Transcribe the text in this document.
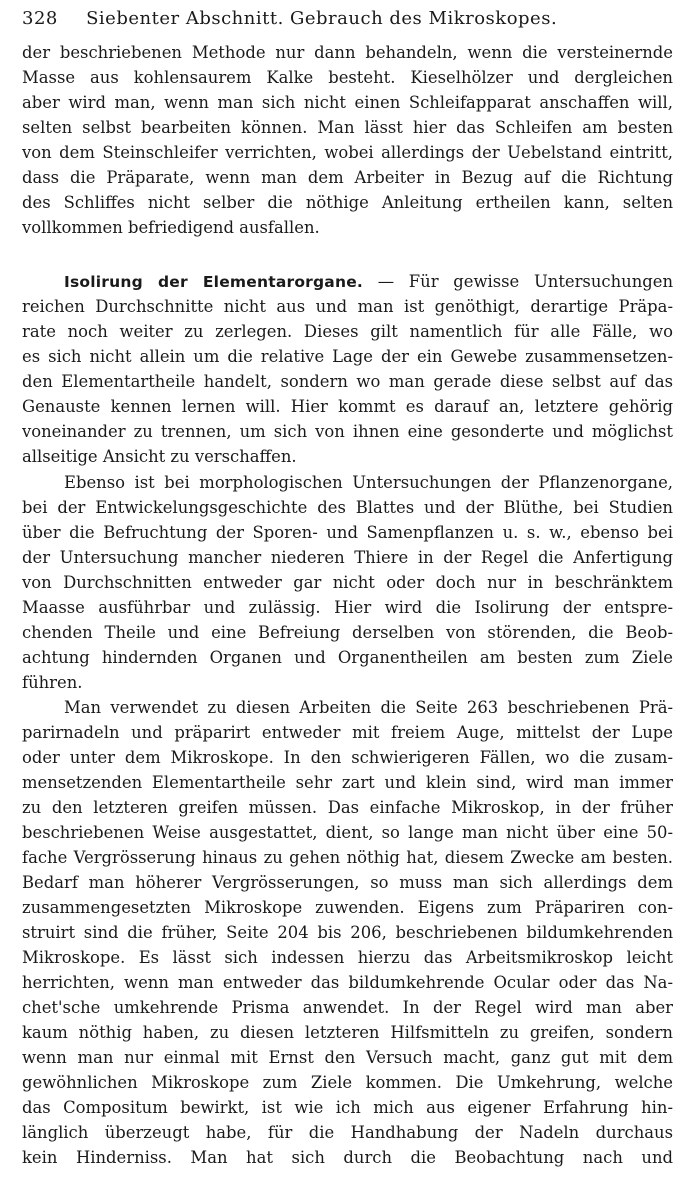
328 Siebenter Abschnitt. Gebrauch des Mikroskopes.
der beschriebenen Methode nur dann behandeln, wenn die versteinernde
Masse aus kohlensaurem Kalke besteht. Kieselhölzer und dergleichen
aber wird man, wenn man sich nicht einen Schleifapparat anschaffen will,
selten selbst bearbeiten können. Man lässt hier das Schleifen am besten
von dem Steinschleifer verrichten, wobei allerdings der Uebelstand eintritt,
dass die Präparate, wenn man dem Arbeiter in Bezug auf die Richtung
des Schliffes nicht selber die nöthige Anleitung ertheilen kann, selten
vollkommen befriedigend ausfallen.
Isolirung der Elementarorgane. — Für gewisse Untersuchungen
reichen Durchschnitte nicht aus und man ist genöthigt, derartige Präpa-
rate noch weiter zu zerlegen. Dieses gilt namentlich für alle Fälle, wo
es sich nicht allein um die relative Lage der ein Gewebe zusammensetzen-
den Elementartheile handelt, sondern wo man gerade diese selbst auf das
Genauste kennen lernen will. Hier kommt es darauf an, letztere gehörig
voneinander zu trennen, um sich von ihnen eine gesonderte und möglichst
allseitige Ansicht zu verschaffen.
Ebenso ist bei morphologischen Untersuchungen der Pflanzenorgane,
bei der Entwickelungsgeschichte des Blattes und der Blüthe, bei Studien
über die Befruchtung der Sporen- und Samenpflanzen u. s. w., ebenso bei
der Untersuchung mancher niederen Thiere in der Regel die Anfertigung
von Durchschnitten entweder gar nicht oder doch nur in beschränktem
Maasse ausführbar und zulässig. Hier wird die Isolirung der entspre-
chenden Theile und eine Befreiung derselben von störenden, die Beob-
achtung hindernden Organen und Organentheilen am besten zum Ziele
führen.
Man verwendet zu diesen Arbeiten die Seite 263 beschriebenen Prä-
parirnadeln und präparirt entweder mit freiem Auge, mittelst der Lupe
oder unter dem Mikroskope. In den schwierigeren Fällen, wo die zusam-
mensetzenden Elementartheile sehr zart und klein sind, wird man immer
zu den letzteren greifen müssen. Das einfache Mikroskop, in der früher
beschriebenen Weise ausgestattet, dient, so lange man nicht über eine 50-
fache Vergrösserung hinaus zu gehen nöthig hat, diesem Zwecke am besten.
Bedarf man höherer Vergrösserungen, so muss man sich allerdings dem
zusammengesetzten Mikroskope zuwenden. Eigens zum Präpariren con-
struirt sind die früher, Seite 204 bis 206, beschriebenen bildumkehrenden
Mikroskope. Es lässt sich indessen hierzu das Arbeitsmikroskop leicht
herrichten, wenn man entweder das bildumkehrende Ocular oder das Na-
chet'sche umkehrende Prisma anwendet. In der Regel wird man aber
kaum nöthig haben, zu diesen letzteren Hilfsmitteln zu greifen, sondern
wenn man nur einmal mit Ernst den Versuch macht, ganz gut mit dem
gewöhnlichen Mikroskope zum Ziele kommen. Die Umkehrung, welche
das Compositum bewirkt, ist wie ich mich aus eigener Erfahrung hin-
länglich überzeugt habe, für die Handhabung der Nadeln durchaus
kein Hinderniss. Man hat sich durch die Beobachtung nach und
